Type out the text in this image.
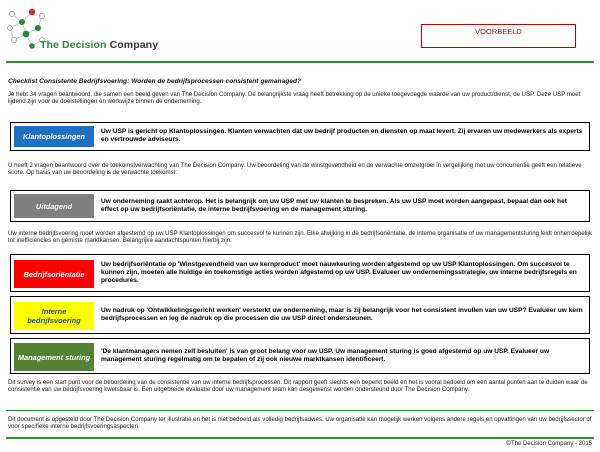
The Decision Company
VOORBEELD
Checklist Consistente Bedrijfsvoering: Worden de bedrijfsprocessen consistent gemanaged?
Je hebt 34 vragen beantwoord, die samen een beeld geven van The Decision Company. De belangrijkste vraag heeft betrekking op de unieke toegevoegde waarde van uw product/dienst, de USP. Deze USP moet lijdend zijn voor de doelstellingen en werkwijze binnen de onderneming.
Klantoplossingen
Uw USP is gericht op Klantoplossingen. Klanten verwachten dat uw bedrijf producten en diensten op maat levert. Zij ervaren uw medewerkers als experts en vertrouwde adviseurs.
U heeft 2 vragen beantwoord over de toekomstverwachting van The Decision Company. Uw beoordeling van de winstgevendheid en de verwachte omzetgroei in vergelijking met uw concurrentie geeft een relatieve score. Op basis van uw beoordeling is de verwachte toekomst:
Uitdagend	Uw onderneming raakt achterop. Het is belangrijk om uw USP met uw klanten te bespreken. Als uw USP moet worden aangepast, bepaal dan ook het effect op uw bedrijfsoriëntatie, de interne bedrijfsvoering en de management sturing.
Uw interne bedrijfsvoering moet worden afgestemd op uw USP Klantoplossingen om succesvol te kunnen zijn. Elke afwijking in de bedrijfsoriëntatie, de interne organisatie of uw managementsturing leidt onherroepelijk tot inefficiencies en gemiste marktkansen. Belangrijke aandachtspunten hierbij zijn:
Bedrijfsoriëntatie
Uw bedrijfsoriëntatie op 'Winstgevendheid van uw kernproduct' moet nauwkeuring worden afgestemd op uw USP Klantoplossingen. Om succesvol te kunnen zijn, moeten alle huidige en toekomstige acties worden afgestemd op uw USP. Evalueer uw ondernemingsstrategie, uw interne bedrijfsregels en procedures.
Interne bedrijfsvoering
Uw nadruk op 'Ontwikkelingsgericht werken' versterkt uw onderneming, maar is zij belangrijk voor het consistent invullen van uw USP? Evalueer uw kern bedrijfsprocessen en leg de nadruk op die processen die uw USP direct ondersteunen.
Management sturing
'De klantmanagers nemen zelf besluiten' is van groot belang voor uw USP. Uw management sturing is goed afgestemd op uw USP. Evalueer uw management sturing regelmatig om te bepalen of zij ook nieuwe marktkansen identificeert.
Dit survey is een start punt voor de beoordeling van de consistentie van uw interne bedrijfsprocessen. Dit rapport geeft slechts een beperkt beeld en het is vooral bedoeld om een aantal punten aan te duiden waar de consistentie van uw bedrijfsvoering kwetsbaar is. Een uitgebreide evaluatie door uw management team kan desgewenst worden ondersteund door The Decision Company.
Dit document is opgesteld door The Decision Company ter illustratie en het is niet bedoeld als volledig bedrijfsadvies. Uw organisatie kan mogelijk werken volgens andere regels en opvattingen van uw bedrijfssector of voor specifieke interne bedrijfsvoeringsaspecten.
©The Decision Company - 2015
